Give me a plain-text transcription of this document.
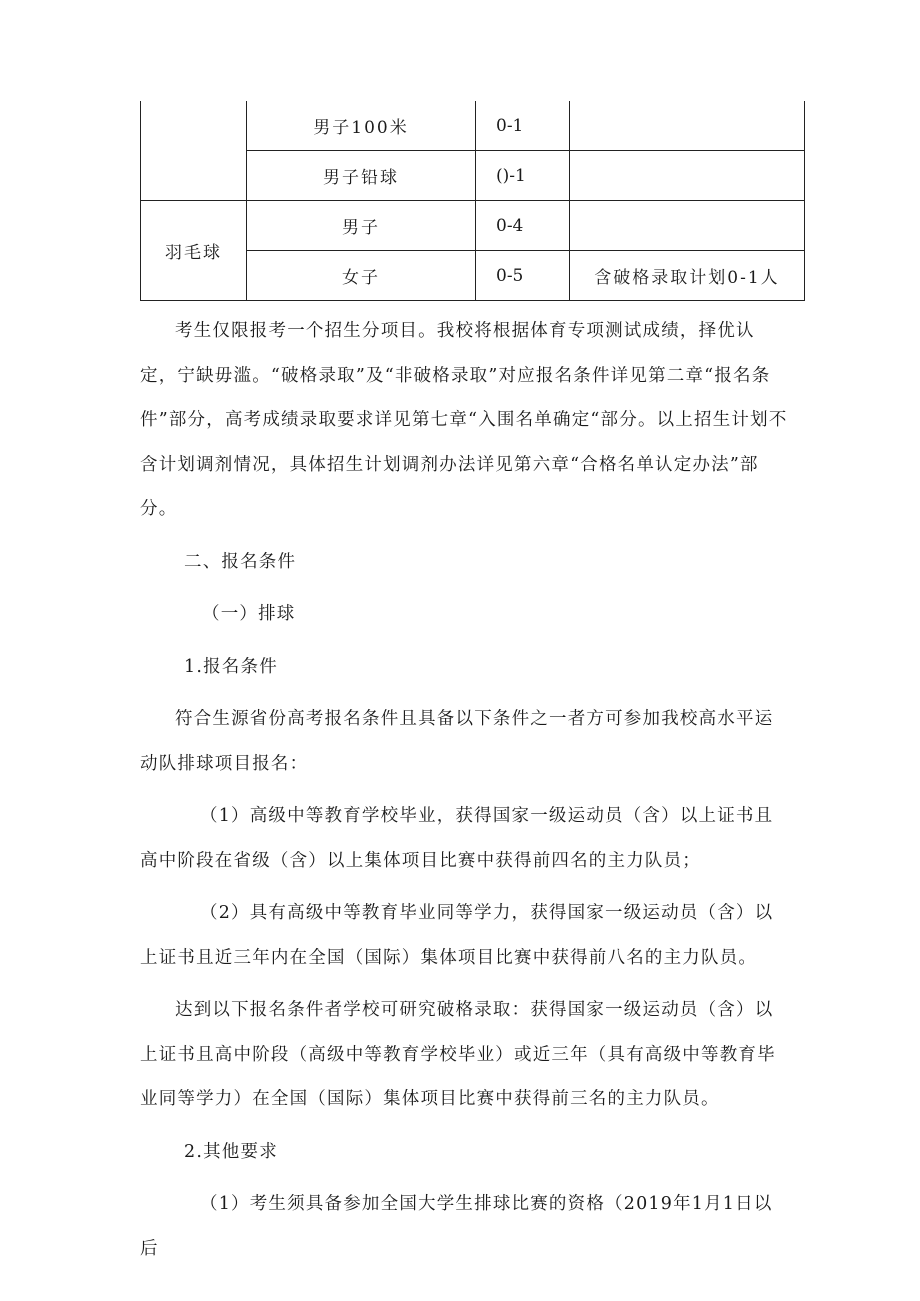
	男子100米	0-1	
	男子铅球	()-1	
羽毛球	男子	0-4	
	女子	0-5	含破格录取计划0-1人

考生仅限报考一个招生分项目。我校将根据体育专项测试成绩，择优认定，宁缺毋滥。“破格录取”及“非破格录取”对应报名条件详见第二章“报名条件”部分，高考成绩录取要求详见第七章“入围名单确定“部分。以上招生计划不含计划调剂情况，具体招生计划调剂办法详见第六章“合格名单认定办法”部分。

二、报名条件

（一）排球

1.报名条件

符合生源省份高考报名条件且具备以下条件之一者方可参加我校高水平运动队排球项目报名：

（1）高级中等教育学校毕业，获得国家一级运动员（含）以上证书且高中阶段在省级（含）以上集体项目比赛中获得前四名的主力队员；

（2）具有高级中等教育毕业同等学力，获得国家一级运动员（含）以上证书且近三年内在全国（国际）集体项目比赛中获得前八名的主力队员。

达到以下报名条件者学校可研究破格录取：获得国家一级运动员（含）以上证书且高中阶段（高级中等教育学校毕业）或近三年（具有高级中等教育毕业同等学力）在全国（国际）集体项目比赛中获得前三名的主力队员。

2.其他要求

（1）考生须具备参加全国大学生排球比赛的资格（2019年1月1日以后
